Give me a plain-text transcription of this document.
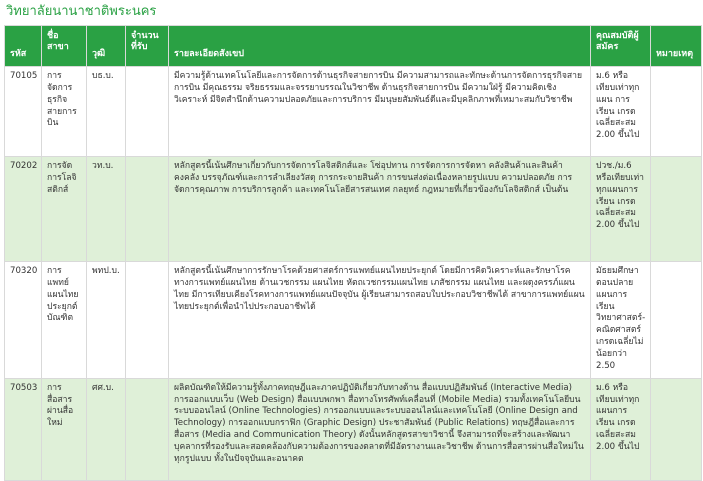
วิทยาลัยนานาชาติพระนคร
รหัส	ชื่อ สาขา	วุฒิ	จำนวนที่รับ	รายละเอียดสังเขป	คุณสมบัติผู้สมัคร	หมายเหตุ
70105	การจัดการธุรกิจสายการบิน	บธ.บ.		มีความรู้ด้านเทคโนโลยีและการจัดการด้านธุรกิจสายการบิน มีความสามารถและทักษะด้านการจัดการธุรกิจสายการบิน มีคุณธรรม จริยธรรมและจรรยาบรรณในวิชาชีพ ด้านธุรกิจสายการบิน มีความใฝ่รู้ มีความคิดเชิงวิเคราะห์ มีจิตสำนึกด้านความปลอดภัยและการบริการ มีมนุษยสัมพันธ์ดีและมีบุคลิกภาพที่เหมาะสมกับวิชาชีพ	ม.6 หรือเทียบเท่าทุกแผน การเรียน เกรดเฉลี่ยสะสม 2.00 ขึ้นไป	
70202	การจัดการโลจิสติกส์	วท.บ.		หลักสูตรนี้เน้นศึกษาเกี่ยวกับการจัดการโลจิสติกส์และ โซ่อุปทาน การจัดการการจัดหา คลังสินค้าและสินค้าคงคลัง บรรจุภัณฑ์และการลำเลียงวัสดุ การกระจายสินค้า การขนส่งต่อเนื่องหลายรูปแบบ ความปลอดภัย การจัดการคุณภาพ การบริการลูกค้า และเทคโนโลยีสารสนเทศ กลยุทธ์ กฎหมายที่เกี่ยวข้องกับโลจิสติกส์ เป็นต้น	ปวช./ม.6 หรือเทียบเท่าทุกแผนการเรียน เกรดเฉลี่ยสะสม 2.00 ขึ้นไป	
70320	การแพทย์แผนไทยประยุกต์บัณฑิต	พทป.บ.		หลักสูตรนี้เน้นศึกษาการรักษาโรคด้วยศาสตร์การแพทย์แผนไทยประยุกต์ โดยมีการคิดวิเคราะห์และรักษาโรคทางการแพทย์แผนไทย ด้านเวชกรรม แผนไทย หัตถเวชกรรมแผนไทย เภสัชกรรม แผนไทย และผดุงครรภ์แผนไทย มีการเทียบเคียงโรคทางการแพทย์แผนปัจจุบัน ผู้เรียนสามารถสอบใบประกอบวิชาชีพได้ สาขาการแพทย์แผนไทยประยุกต์เพื่อนำไปประกอบอาชีพได้	มัธยมศึกษาตอนปลายแผนการเรียนวิทยาศาสตร์-คณิตศาสตร์ เกรดเฉลี่ยไม่น้อยกว่า 2.50	
70503	การสื่อสารผ่านสื่อใหม่	ศศ.บ.		ผลิตบัณฑิตให้มีความรู้ทั้งภาคทฤษฎีและภาคปฏิบัติเกี่ยวกับทางด้าน สื่อแบบปฏิสัมพันธ์ (Interactive Media) การออกแบบเว็บ (Web Design) สื่อแบบพกพา สื่อทางโทรศัพท์เคลื่อนที่ (Mobile Media) รวมทั้งเทคโนโลยีบนระบบออนไลน์ (Online Technologies) การออกแบบและระบบออนไลน์และเทคโนโลยี (Online Design and Technology) การออกแบบกราฟิก (Graphic Design) ประชาสัมพันธ์ (Public Relations) ทฤษฎีสื่อและการสื่อสาร (Media and Communication Theory) ดังนั้นหลักสูตรสาขาวิชานี้ จึงสามารถที่จะสร้างและพัฒนาบุคลากรที่รองรับและสอดคล้องกับความต้องการของตลาดที่มีอัตรางานและวิชาชีพ ด้านการสื่อสารผ่านสื่อใหม่ในทุกรูปแบบ ทั้งในปัจจุบันและอนาคต	ม.6 หรือเทียบเท่าทุกแผนการเรียน เกรดเฉลี่ยสะสม 2.00 ขึ้นไป	
